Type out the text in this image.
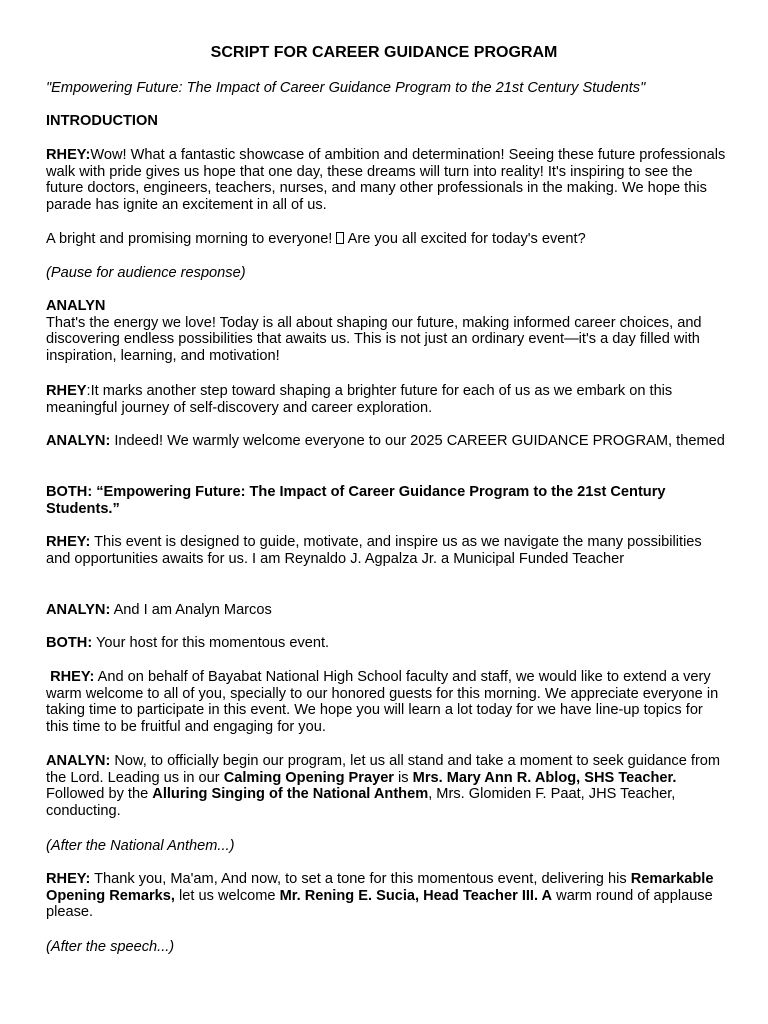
SCRIPT FOR CAREER GUIDANCE PROGRAM

"Empowering Future: The Impact of Career Guidance Program to the 21st Century Students"

INTRODUCTION

RHEY:Wow! What a fantastic showcase of ambition and determination! Seeing these future professionals walk with pride gives us hope that one day, these dreams will turn into reality! It's inspiring to see the future doctors, engineers, teachers, nurses, and many other professionals in the making. We hope this parade has ignite an excitement in all of us.

A bright and promising morning to everyone!  Are you all excited for today's event?

(Pause for audience response)

ANALYN
That's the energy we love! Today is all about shaping our future, making informed career choices, and discovering endless possibilities that awaits us. This is not just an ordinary event—it's a day filled with inspiration, learning, and motivation!

RHEY:It marks another step toward shaping a brighter future for each of us as we embark on this meaningful journey of self-discovery and career exploration.

ANALYN: Indeed! We warmly welcome everyone to our 2025 CAREER GUIDANCE PROGRAM, themed

BOTH: “Empowering Future: The Impact of Career Guidance Program to the 21st Century Students.”

RHEY: This event is designed to guide, motivate, and inspire us as we navigate the many possibilities and opportunities awaits for us. I am Reynaldo J. Agpalza Jr. a Municipal Funded Teacher

ANALYN: And I am Analyn Marcos

BOTH: Your host for this momentous event.

RHEY: And on behalf of Bayabat National High School faculty and staff, we would like to extend a very warm welcome to all of you, specially to our honored guests for this morning. We appreciate everyone in taking time to participate in this event. We hope you will learn a lot today for we have line-up topics for this time to be fruitful and engaging for you.

ANALYN: Now, to officially begin our program, let us all stand and take a moment to seek guidance from the Lord. Leading us in our Calming Opening Prayer is Mrs. Mary Ann R. Ablog, SHS Teacher. Followed by the Alluring Singing of the National Anthem, Mrs. Glomiden F. Paat, JHS Teacher, conducting.

(After the National Anthem...)

RHEY: Thank you, Ma'am, And now, to set a tone for this momentous event, delivering his Remarkable Opening Remarks, let us welcome Mr. Rening E. Sucia, Head Teacher III. A warm round of applause please.

(After the speech...)
